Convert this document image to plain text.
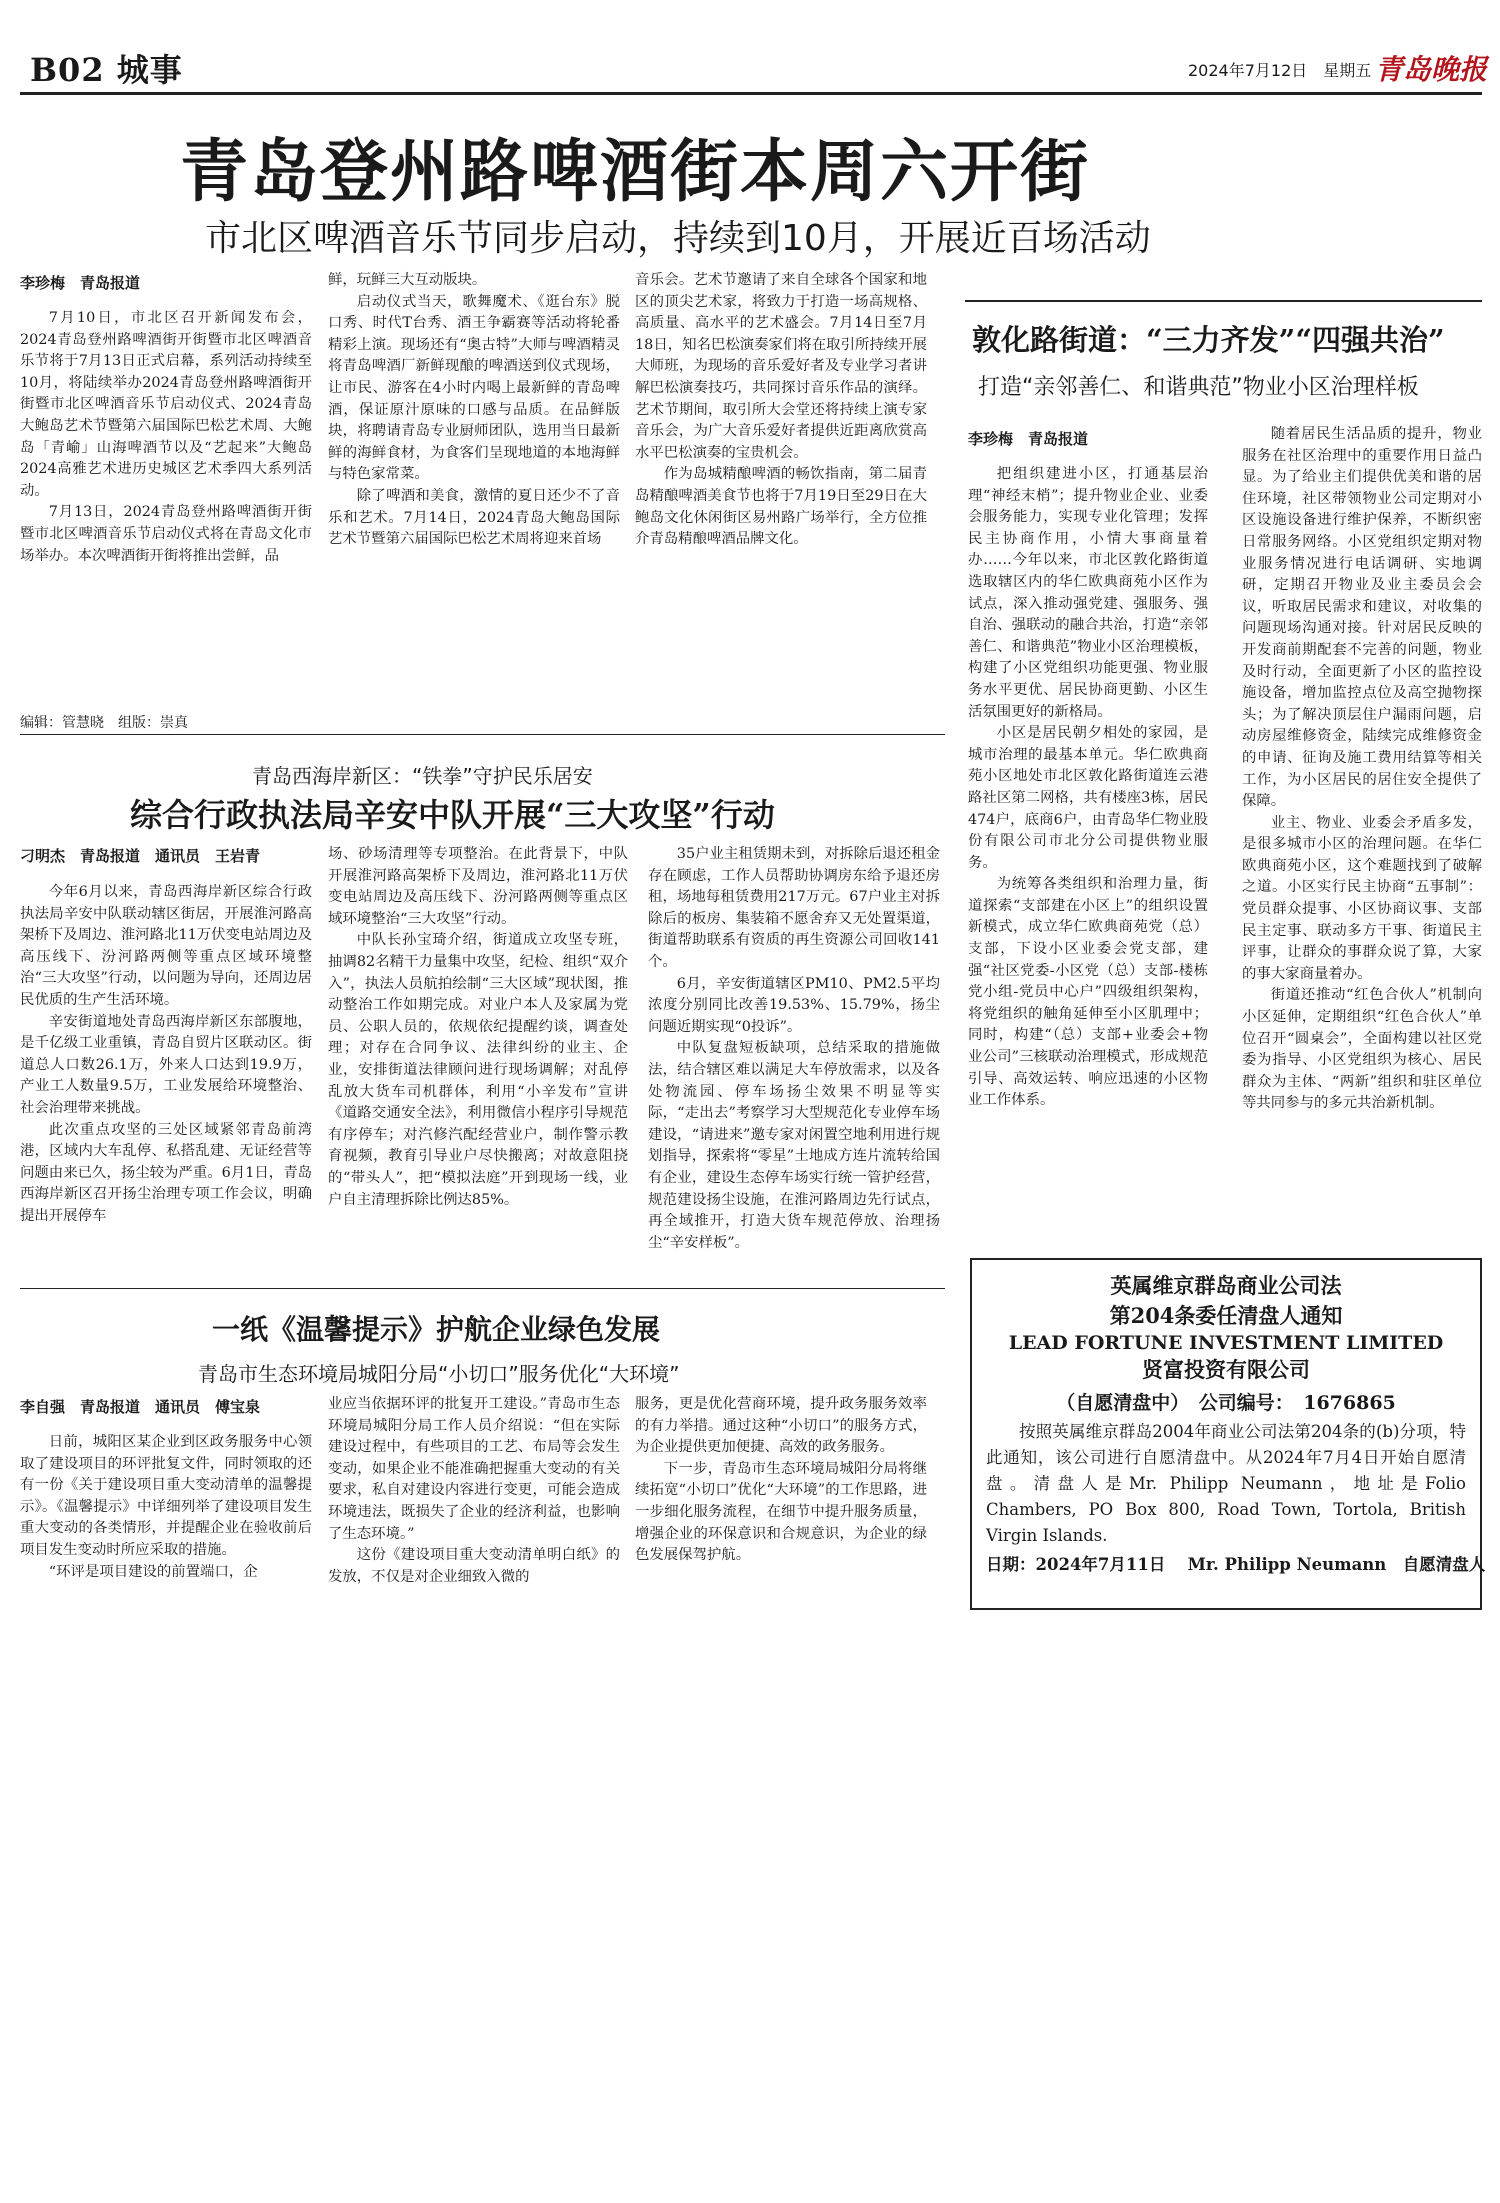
B02 城事	2024年7月12日　星期五 青岛晚报
青岛登州路啤酒街本周六开街
市北区啤酒音乐节同步启动，持续到10月，开展近百场活动
李珍梅　青岛报道

7月10日，市北区召开新闻发布会，2024青岛登州路啤酒街开街暨市北区啤酒音乐节将于7月13日正式启幕，系列活动持续至10月，将陆续举办2024青岛登州路啤酒街开街暨市北区啤酒音乐节启动仪式、2024青岛大鲍岛艺术节暨第六届国际巴松艺术周、大鲍岛「青崳」山海啤酒节以及“艺起来”大鲍岛2024高雅艺术进历史城区艺术季四大系列活动。

7月13日，2024青岛登州路啤酒街开街暨市北区啤酒音乐节启动仪式将在青岛文化市场举办。本次啤酒街开街将推出尝鲜，品

鲜，玩鲜三大互动版块。

启动仪式当天，歌舞魔术、《逛台东》脱口秀、时代T台秀、酒王争霸赛等活动将轮番精彩上演。现场还有“奥古特”大师与啤酒精灵将青岛啤酒厂新鲜现酿的啤酒送到仪式现场，让市民、游客在4小时内喝上最新鲜的青岛啤酒，保证原汁原味的口感与品质。在品鲜版块，将聘请青岛专业厨师团队，选用当日最新鲜的海鲜食材，为食客们呈现地道的本地海鲜与特色家常菜。

除了啤酒和美食，激情的夏日还少不了音乐和艺术。7月14日，2024青岛大鲍岛国际艺术节暨第六届国际巴松艺术周将迎来首场

音乐会。艺术节邀请了来自全球各个国家和地区的顶尖艺术家，将致力于打造一场高规格、高质量、高水平的艺术盛会。7月14日至7月18日，知名巴松演奏家们将在取引所持续开展大师班，为现场的音乐爱好者及专业学习者讲解巴松演奏技巧，共同探讨音乐作品的演绎。艺术节期间，取引所大会堂还将持续上演专家音乐会，为广大音乐爱好者提供近距离欣赏高水平巴松演奏的宝贵机会。

作为岛城精酿啤酒的畅饮指南，第二届青岛精酿啤酒美食节也将于7月19日至29日在大鲍岛文化休闲街区易州路广场举行，全方位推介青岛精酿啤酒品牌文化。

编辑：管慧晓　组版：崇真
敦化路街道：“三力齐发”“四强共治”
打造“亲邻善仁、和谐典范”物业小区治理样板
李珍梅　青岛报道

把组织建进小区，打通基层治理“神经末梢”；提升物业企业、业委会服务能力，实现专业化管理；发挥民主协商作用，小情大事商量着办……今年以来，市北区敦化路街道选取辖区内的华仁欧典商苑小区作为试点，深入推动强党建、强服务、强自治、强联动的融合共治，打造“亲邻善仁、和谐典范”物业小区治理模板，构建了小区党组织功能更强、物业服务水平更优、居民协商更勤、小区生活氛围更好的新格局。

小区是居民朝夕相处的家园，是城市治理的最基本单元。华仁欧典商苑小区地处市北区敦化路街道连云港路社区第二网格，共有楼座3栋，居民474户，底商6户，由青岛华仁物业股份有限公司市北分公司提供物业服务。

为统筹各类组织和治理力量，街道探索“支部建在小区上”的组织设置新模式，成立华仁欧典商苑党（总）支部，下设小区业委会党支部，建强“社区党委-小区党（总）支部-楼栋党小组-党员中心户”四级组织架构，将党组织的触角延伸至小区肌理中；同时，构建“（总）支部+业委会+物业公司”三核联动治理模式，形成规范引导、高效运转、响应迅速的小区物业工作体系。

随着居民生活品质的提升，物业服务在社区治理中的重要作用日益凸显。为了给业主们提供优美和谐的居住环境，社区带领物业公司定期对小区设施设备进行维护保养，不断织密日常服务网络。小区党组织定期对物业服务情况进行电话调研、实地调研，定期召开物业及业主委员会会议，听取居民需求和建议，对收集的问题现场沟通对接。针对居民反映的开发商前期配套不完善的问题，物业及时行动，全面更新了小区的监控设施设备，增加监控点位及高空抛物探头；为了解决顶层住户漏雨问题，启动房屋维修资金，陆续完成维修资金的申请、征询及施工费用结算等相关工作，为小区居民的居住安全提供了保障。

业主、物业、业委会矛盾多发，是很多城市小区的治理问题。在华仁欧典商苑小区，这个难题找到了破解之道。小区实行民主协商“五事制”：党员群众提事、小区协商议事、支部民主定事、联动多方干事、街道民主评事，让群众的事群众说了算，大家的事大家商量着办。

街道还推动“红色合伙人”机制向小区延伸，定期组织“红色合伙人”单位召开“圆桌会”，全面构建以社区党委为指导、小区党组织为核心、居民群众为主体、“两新”组织和驻区单位等共同参与的多元共治新机制。

青岛西海岸新区：“铁拳”守护民乐居安
综合行政执法局辛安中队开展“三大攻坚”行动
刁明杰　青岛报道　通讯员　王岩青

今年6月以来，青岛西海岸新区综合行政执法局辛安中队联动辖区街居，开展淮河路高架桥下及周边、淮河路北11万伏变电站周边及高压线下、汾河路两侧等重点区域环境整治“三大攻坚”行动，以问题为导向，还周边居民优质的生产生活环境。

辛安街道地处青岛西海岸新区东部腹地，是千亿级工业重镇，青岛自贸片区联动区。街道总人口数26.1万，外来人口达到19.9万，产业工人数量9.5万，工业发展给环境整治、社会治理带来挑战。

此次重点攻坚的三处区域紧邻青岛前湾港，区域内大车乱停、私搭乱建、无证经营等问题由来已久，扬尘较为严重。6月1日，青岛西海岸新区召开扬尘治理专项工作会议，明确提出开展停车

场、砂场清理等专项整治。在此背景下，中队开展淮河路高架桥下及周边，淮河路北11万伏变电站周边及高压线下、汾河路两侧等重点区域环境整治“三大攻坚”行动。

中队长孙宝琦介绍，街道成立攻坚专班，抽调82名精干力量集中攻坚，纪检、组织“双介入”，执法人员航拍绘制“三大区域”现状图，推动整治工作如期完成。对业户本人及家属为党员、公职人员的，依规依纪提醒约谈，调查处理；对存在合同争议、法律纠纷的业主、企业，安排街道法律顾问进行现场调解；对乱停乱放大货车司机群体，利用“小辛发布”宣讲《道路交通安全法》，利用微信小程序引导规范有序停车；对汽修汽配经营业户，制作警示教育视频，教育引导业户尽快搬离；对故意阻挠的“带头人”，把“模拟法庭”开到现场一线，业户自主清理拆除比例达85%。

35户业主租赁期未到，对拆除后退还租金存在顾虑，工作人员帮助协调房东给予退还房租，场地每租赁费用217万元。67户业主对拆除后的板房、集装箱不愿舍弃又无处置渠道，街道帮助联系有资质的再生资源公司回收141个。

6月，辛安街道辖区PM10、PM2.5平均浓度分别同比改善19.53%、15.79%，扬尘问题近期实现“0投诉”。

中队复盘短板缺项，总结采取的措施做法，结合辖区难以满足大车停放需求，以及各处物流园、停车场扬尘效果不明显等实际，“走出去”考察学习大型规范化专业停车场建设，“请进来”邀专家对闲置空地利用进行规划指导，探索将“零星”土地成方连片流转给国有企业，建设生态停车场实行统一管护经营，规范建设扬尘设施，在淮河路周边先行试点，再全域推开，打造大货车规范停放、治理扬尘“辛安样板”。

一纸《温馨提示》护航企业绿色发展
青岛市生态环境局城阳分局“小切口”服务优化“大环境”
李自强　青岛报道　通讯员　傅宝泉

日前，城阳区某企业到区政务服务中心领取了建设项目的环评批复文件，同时领取的还有一份《关于建设项目重大变动清单的温馨提示》。《温馨提示》中详细列举了建设项目发生重大变动的各类情形，并提醒企业在验收前后项目发生变动时所应采取的措施。

“环评是项目建设的前置端口，企

业应当依据环评的批复开工建设。”青岛市生态环境局城阳分局工作人员介绍说：“但在实际建设过程中，有些项目的工艺、布局等会发生变动，如果企业不能准确把握重大变动的有关要求，私自对建设内容进行变更，可能会造成环境违法，既损失了企业的经济利益，也影响了生态环境。”

这份《建设项目重大变动清单明白纸》的发放，不仅是对企业细致入微的

服务，更是优化营商环境，提升政务服务效率的有力举措。通过这种“小切口”的服务方式，为企业提供更加便捷、高效的政务服务。

下一步，青岛市生态环境局城阳分局将继续拓宽“小切口”优化“大环境”的工作思路，进一步细化服务流程，在细节中提升服务质量，增强企业的环保意识和合规意识，为企业的绿色发展保驾护航。

英属维京群岛商业公司法
第204条委任清盘人通知
LEAD FORTUNE INVESTMENT LIMITED
贤富投资有限公司
（自愿清盘中）　公司编号：　1676865

按照英属维京群岛2004年商业公司法第204条的(b)分项，特此通知，该公司进行自愿清盘中。从2024年7月4日开始自愿清盘。清盘人是Mr. Philipp Neumann，地址是Folio Chambers, PO Box 800, Road Town, Tortola, British Virgin Islands.

日期：2024年7月11日　 Mr. Philipp Neumann　自愿清盘人
